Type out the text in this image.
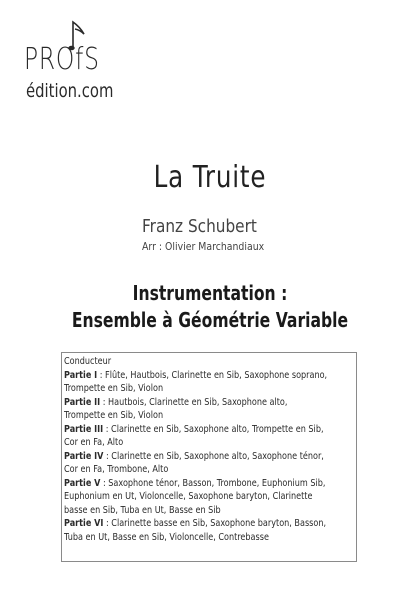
PROfS
édition.com
La Truite
Franz Schubert
Arr : Olivier Marchandiaux
Instrumentation :
Ensemble à Géométrie Variable
Conducteur
Partie I : Flûte, Hautbois, Clarinette en Sib, Saxophone soprano,
Trompette en Sib, Violon
Partie II : Hautbois, Clarinette en Sib, Saxophone alto,
Trompette en Sib, Violon
Partie III : Clarinette en Sib, Saxophone alto, Trompette en Sib,
Cor en Fa, Alto
Partie IV : Clarinette en Sib, Saxophone alto, Saxophone ténor,
Cor en Fa, Trombone, Alto
Partie V : Saxophone ténor, Basson, Trombone, Euphonium Sib,
Euphonium en Ut, Violoncelle, Saxophone baryton, Clarinette
basse en Sib, Tuba en Ut, Basse en Sib
Partie VI : Clarinette basse en Sib, Saxophone baryton, Basson,
Tuba en Ut, Basse en Sib, Violoncelle, Contrebasse
